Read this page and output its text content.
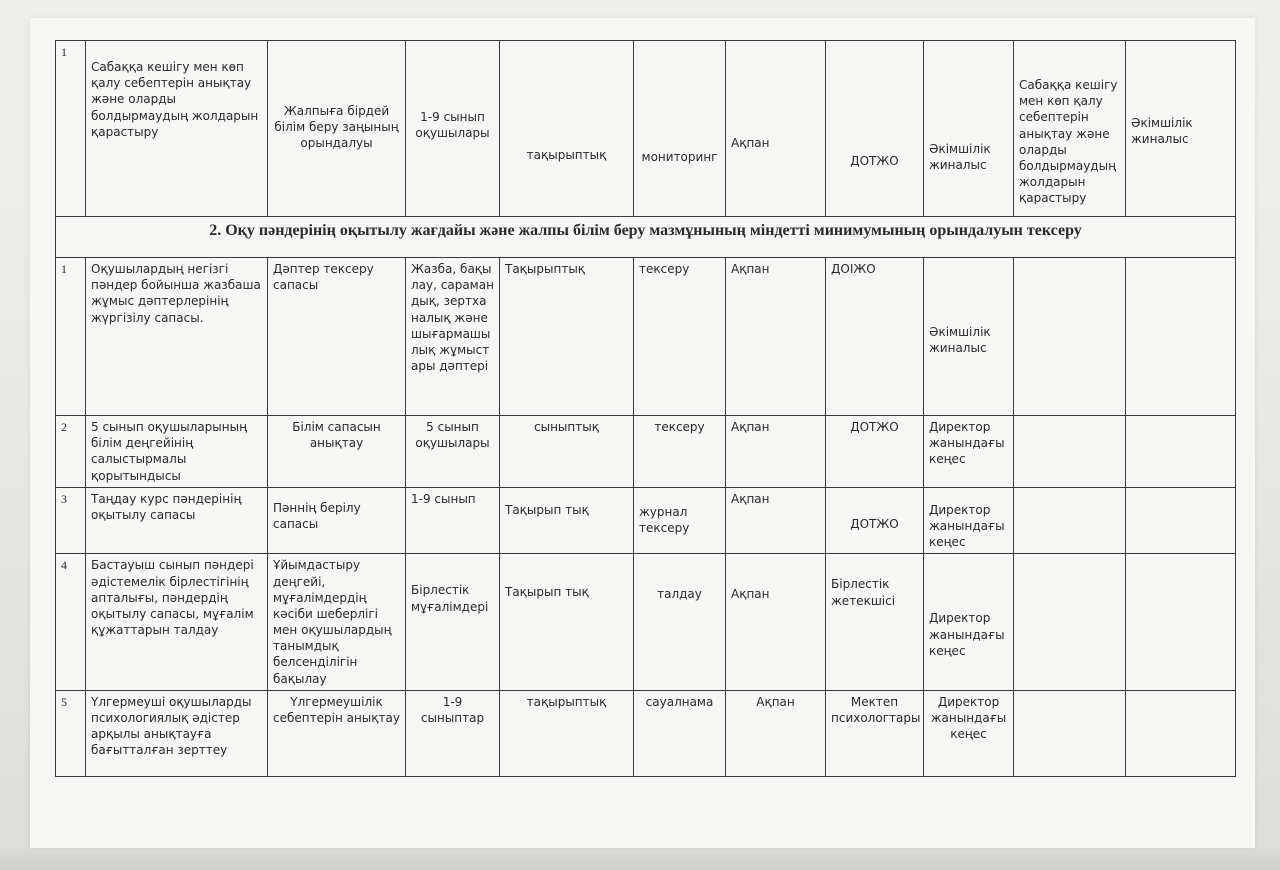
1	Сабаққа кешігу мен көп қалу себептерін анықтау және оларды болдырмаудың жолдарын қарастыру	Жалпыға бірдей білім беру заңының орындалуы	1-9 сынып оқушылары	тақырыптық	мониторинг	Ақпан	ДОТЖО	Әкімшілік жиналыс	Сабаққа кешігу мен көп қалу себептерін анықтау және оларды болдырмаудың жолдарын қарастыру	Әкімшілік жиналыс
2. Оқу пәндерінің оқытылу жағдайы және жалпы білім беру мазмұнының міндетті минимумының орындалуын тексеру										
1	Оқушылардың негізгі пәндер бойынша жазбаша жұмыс дәптерлерінің жүргізілу сапасы.	Дәптер тексеру сапасы	Жазба, бақылау, сарамандық, зертханалық және шығармашылық жұмыстары дәптері	Тақырыптық	тексеру	Ақпан	ДОІЖО	Әкімшілік жиналыс		
2	5 сынып оқушыларының білім деңгейінің салыстырмалы қорытындысы	Білім сапасын анықтау	5 сынып оқушылары	сыныптық	тексеру	Ақпан	ДОТЖО	Директор жанындағы кеңес		
3	Таңдау курс пәндерінің оқытылу сапасы	Пәннің берілу сапасы	1-9 сынып	Тақырып тық	журнал тексеру	Ақпан	ДОТЖО	Директор жанындағы кеңес		
4	Бастауыш сынып пәндері әдістемелік бірлестігінің апталығы, пәндердің оқытылу сапасы, мұғалім құжаттарын талдау	Ұйымдастыру деңгейі, мұғалімдердің кәсіби шеберлігі мен оқушылардың танымдық белсенділігін бақылау	Бірлестік мұғалімдері	Тақырып тық	талдау	Ақпан	Бірлестік жетекшісі	Директор жанындағы кеңес		
5	Үлгермеуші оқушыларды психологиялық әдістер арқылы анықтауға бағытталған зерттеу	Үлгермеушілік себептерін анықтау	1-9 сыныптар	тақырыптық	сауалнама	Ақпан	Мектеп психологтары	Директор жанындағы кеңес		
